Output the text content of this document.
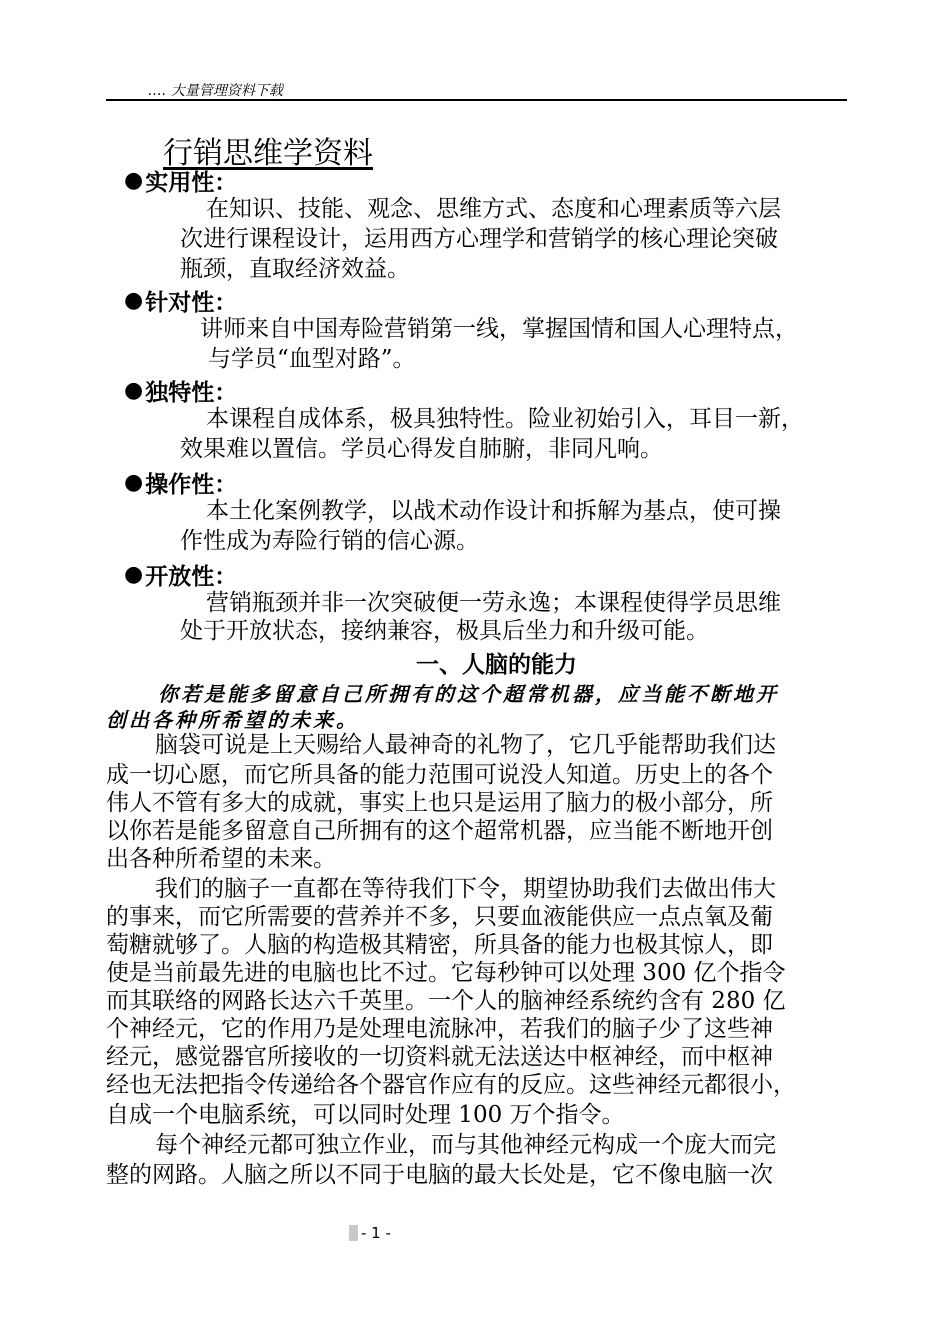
…. 大量管理资料下载
行销思维学资料
● 实用性 ：
在知识、技能、观念、思维方式、态度和心理素质等六层
次进行课程设计，运用西方心理学和营销学的核心理论突破
瓶颈，直取经济效益。
● 针对性 ：
讲师来自中国寿险营销第一线，掌握国情和国人心理特点，
与学员“血型对路”。
● 独特性 ：
本课程自成体系，极具独特性。险业初始引入，耳目一新，
效果难以置信。学员心得发自肺腑，非同凡响。
● 操作性 ：
本土化案例教学，以战术动作设计和拆解为基点，使可操
作性成为寿险行销的信心源。
● 开放性 ：
营销瓶颈并非一次突破便一劳永逸；本课程使得学员思维
处于开放状态，接纳兼容，极具后坐力和升级可能。
一、人脑的能力
你若是能多留意自己所拥有的这个超常机器，应当能不断地开
创出各种所希望的未来。
脑袋可说是上天赐给人最神奇的礼物了，它几乎能帮助我们达
成一切心愿，而它所具备的能力范围可说没人知道。历史上的各个
伟人不管有多大的成就，事实上也只是运用了脑力的极小部分，所
以你若是能多留意自己所拥有的这个超常机器，应当能不断地开创
出各种所希望的未来。
我们的脑子一直都在等待我们下令，期望协助我们去做出伟大
的事来，而它所需要的营养并不多，只要血液能供应一点点氧及葡
萄糖就够了。人脑的构造极其精密，所具备的能力也极其惊人，即
使是当前最先进的电脑也比不过。它每秒钟可以处理 300 亿个指令
而其联络的网路长达六千英里。一个人的脑神经系统约含有 280 亿
个神经元，它的作用乃是处理电流脉冲，若我们的脑子少了这些神
经元，感觉器官所接收的一切资料就无法送达中枢神经，而中枢神
经也无法把指令传递给各个器官作应有的反应。这些神经元都很小，
自成一个电脑系统，可以同时处理 100 万个指令。
每个神经元都可独立作业，而与其他神经元构成一个庞大而完
整的网路。人脑之所以不同于电脑的最大长处是，它不像电脑一次
- 1 -
